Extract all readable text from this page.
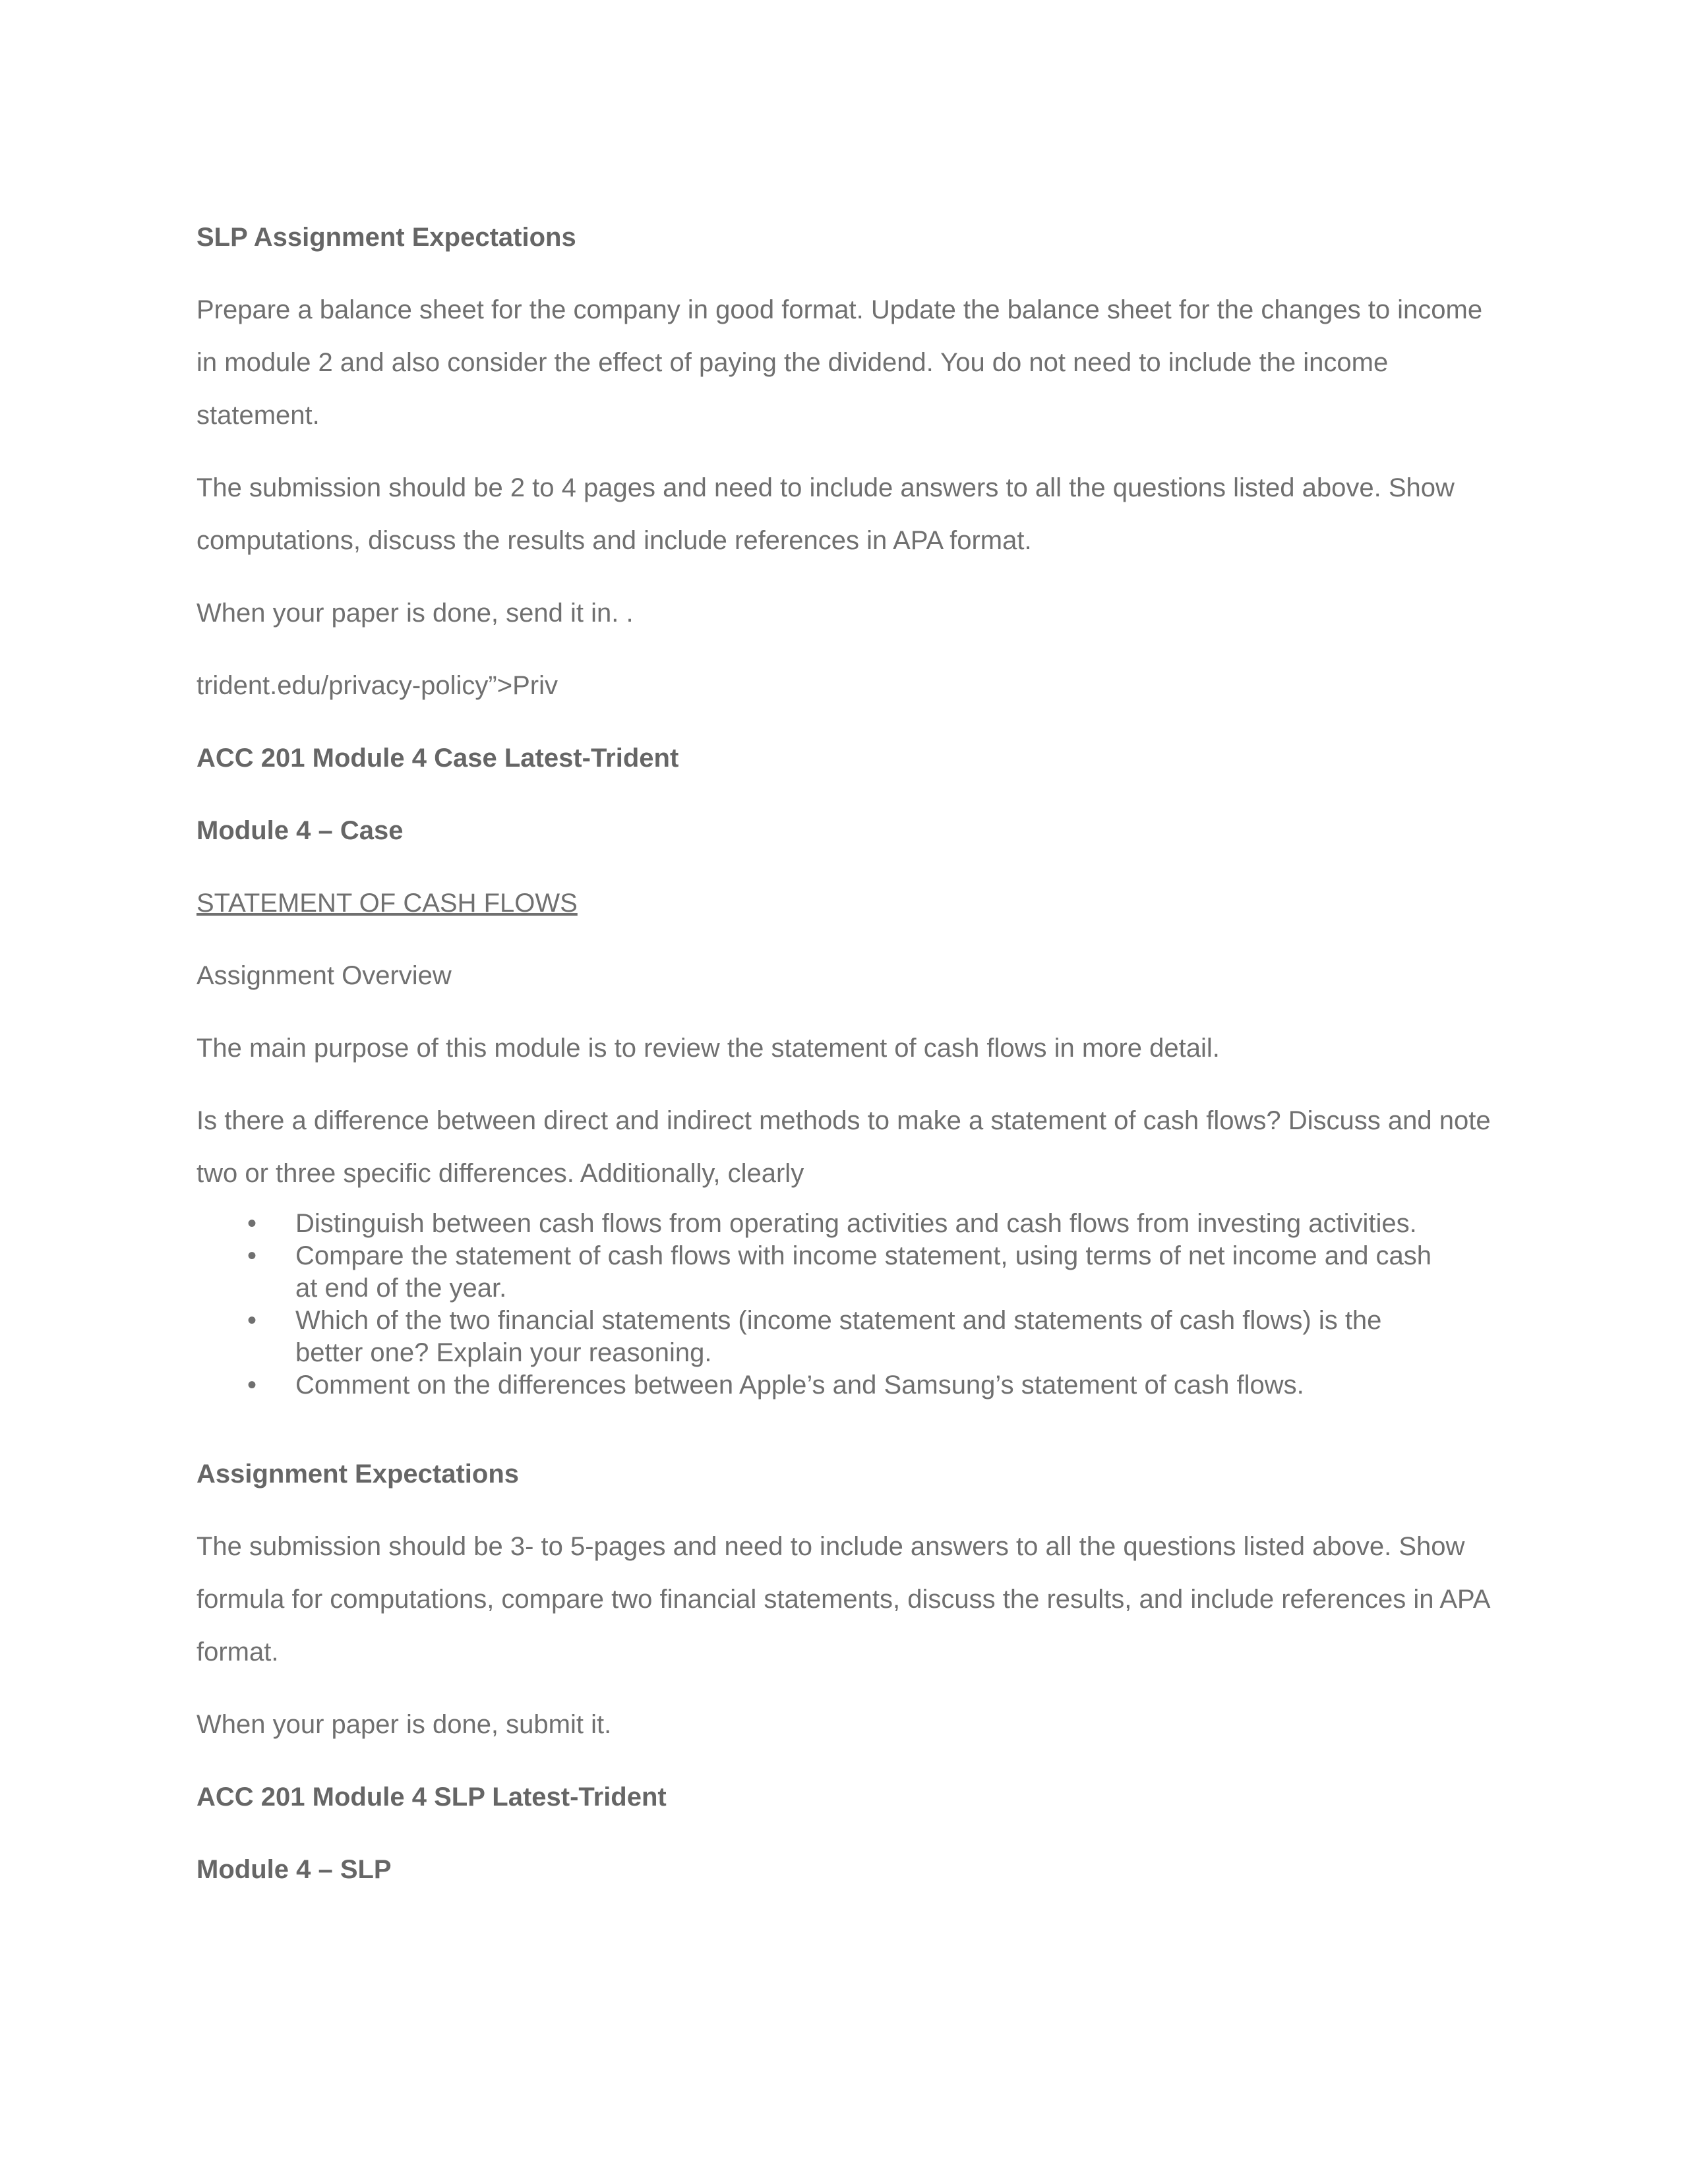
SLP Assignment Expectations

Prepare a balance sheet for the company in good format. Update the balance sheet for the changes to income in module 2 and also consider the effect of paying the dividend. You do not need to include the income statement.

The submission should be 2 to 4 pages and need to include answers to all the questions listed above. Show computations, discuss the results and include references in APA format.

When your paper is done, send it in. .

trident.edu/privacy-policy”>Priv

ACC 201 Module 4 Case Latest-Trident

Module 4 – Case

STATEMENT OF CASH FLOWS

Assignment Overview

The main purpose of this module is to review the statement of cash flows in more detail.

Is there a difference between direct and indirect methods to make a statement of cash flows? Discuss and note two or three specific differences. Additionally, clearly

• Distinguish between cash flows from operating activities and cash flows from investing activities.
• Compare the statement of cash flows with income statement, using terms of net income and cash
at end of the year.
• Which of the two financial statements (income statement and statements of cash flows) is the
better one? Explain your reasoning.
• Comment on the differences between Apple’s and Samsung’s statement of cash flows.

Assignment Expectations

The submission should be 3- to 5-pages and need to include answers to all the questions listed above. Show formula for computations, compare two financial statements, discuss the results, and include references in APA format.

When your paper is done, submit it.

ACC 201 Module 4 SLP Latest-Trident

Module 4 – SLP
